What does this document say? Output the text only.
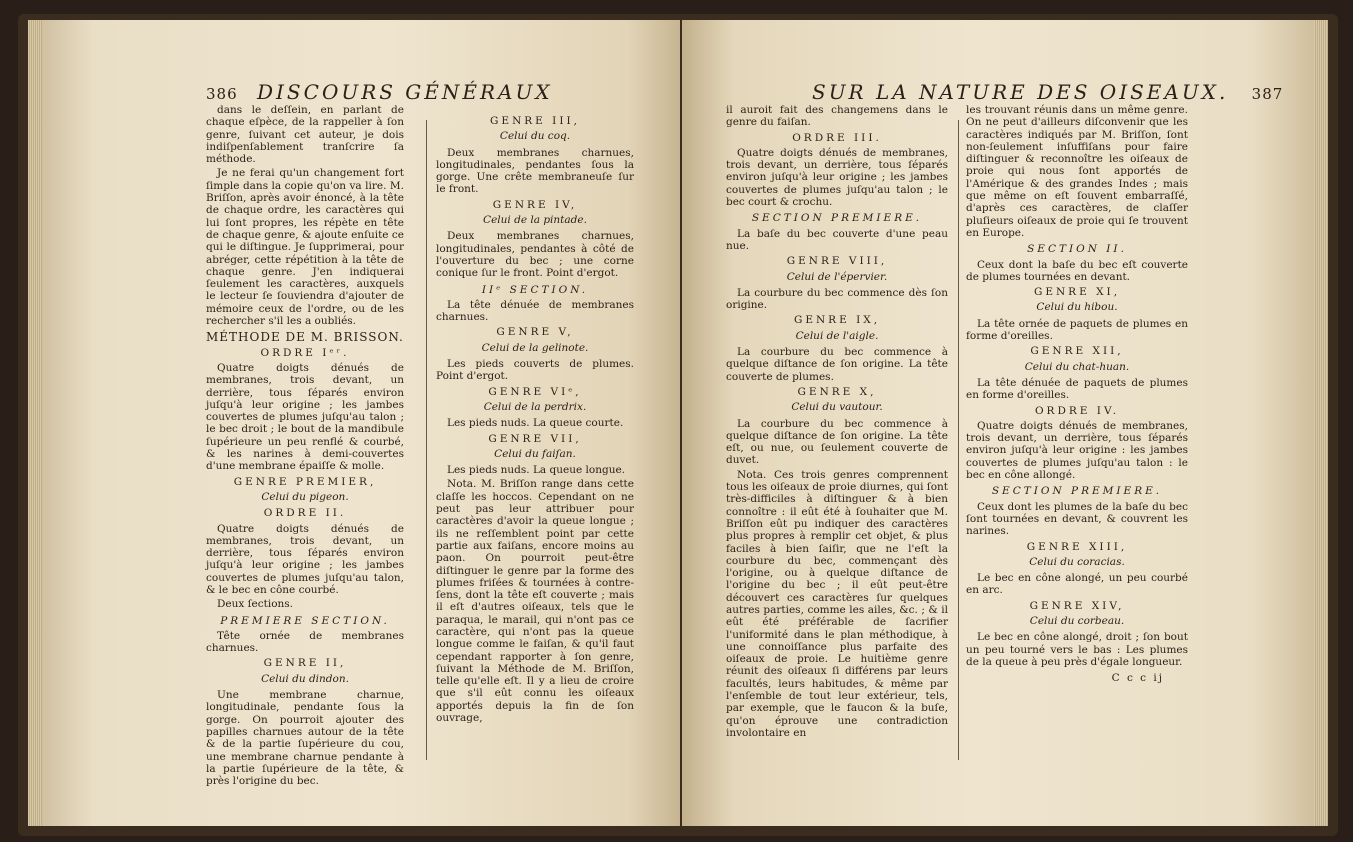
386 DISCOURS GÉNÉRAUX

dans le deſſein, en parlant de chaque eſpèce, de la rappeller à ſon genre, ſuivant cet auteur, je dois indiſpenſablement tranſcrire ſa méthode.

Je ne ferai qu'un changement fort ſimple dans la copie qu'on va lire. M. Briſſon, après avoir énoncé, à la tête de chaque ordre, les caractères qui lui ſont propres, les répète en tête de chaque genre, & ajoute enſuite ce qui le diſtingue. Je ſupprimerai, pour abréger, cette répétition à la tête de chaque genre. J'en indiquerai ſeulement les caractères, auxquels le lecteur ſe ſouviendra d'ajouter de mémoire ceux de l'ordre, ou de les rechercher s'il les a oubliés.

MÉTHODE DE M. BRISSON.

ORDRE Iᵉʳ.

Quatre doigts dénués de membranes, trois devant, un derrière, tous ſéparés environ juſqu'à leur origine ; les jambes couvertes de plumes juſqu'au talon ; le bec droit ; le bout de la mandibule ſupérieure un peu renflé & courbé, & les narines à demi-couvertes d'une membrane épaiſſe & molle.

GENRE PREMIER,

Celui du pigeon.

ORDRE II.

Quatre doigts dénués de membranes, trois devant, un derrière, tous ſéparés environ juſqu'à leur origine ; les jambes couvertes de plumes juſqu'au talon, & le bec en cône courbé.

Deux ſections.

PREMIERE SECTION.

Tête ornée de membranes charnues.

GENRE II,

Celui du dindon.

Une membrane charnue, longitudinale, pendante ſous la gorge. On pourroit ajouter des papilles charnues autour de la tête & de la partie ſupérieure du cou, une membrane charnue pendante à la partie ſupérieure de la tête, & près l'origine du bec.

GENRE III,

Celui du coq.

Deux membranes charnues, longitudinales, pendantes ſous la gorge. Une crête membraneuſe ſur le front.

GENRE IV,

Celui de la pintade.

Deux membranes charnues, longitudinales, pendantes à côté de l'ouverture du bec ; une corne conique ſur le front. Point d'ergot.

IIᵉ SECTION.

La tête dénuée de membranes charnues.

GENRE V,

Celui de la gelinote.

Les pieds couverts de plumes. Point d'ergot.

GENRE VIᵉ,

Celui de la perdrix.

Les pieds nuds. La queue courte.

GENRE VII,

Celui du faiſan.

Les pieds nuds. La queue longue.

Nota. M. Briſſon range dans cette claſſe les hoccos. Cependant on ne peut pas leur attribuer pour caractères d'avoir la queue longue ; ils ne reſſemblent point par cette partie aux faiſans, encore moins au paon. On pourroit peut-être diſtinguer le genre par la forme des plumes friſées & tournées à contre-ſens, dont la tête eſt couverte ; mais il eſt d'autres oiſeaux, tels que le paraqua, le marail, qui n'ont pas ce caractère, qui n'ont pas la queue longue comme le faiſan, & qu'il faut cependant rapporter à ſon genre, ſuivant la Méthode de M. Briſſon, telle qu'elle eſt. Il y a lieu de croire que s'il eût connu les oiſeaux apportés depuis la fin de ſon ouvrage,

SUR LA NATURE DES OISEAUX. 387

il auroit fait des changemens dans le genre du faiſan.

ORDRE III.

Quatre doigts dénués de membranes, trois devant, un derrière, tous ſéparés environ juſqu'à leur origine ; les jambes couvertes de plumes juſqu'au talon ; le bec court & crochu.

SECTION PREMIERE.

La baſe du bec couverte d'une peau nue.

GENRE VIII,

Celui de l'épervier.

La courbure du bec commence dès ſon origine.

GENRE IX,

Celui de l'aigle.

La courbure du bec commence à quelque diſtance de ſon origine. La tête couverte de plumes.

GENRE X,

Celui du vautour.

La courbure du bec commence à quelque diſtance de ſon origine. La tête eſt, ou nue, ou ſeulement couverte de duvet.

Nota. Ces trois genres comprennent tous les oiſeaux de proie diurnes, qui ſont très-difficiles à diſtinguer & à bien connoître : il eût été à ſouhaiter que M. Briſſon eût pu indiquer des caractères plus propres à remplir cet objet, & plus faciles à bien ſaiſir, que ne l'eſt la courbure du bec, commençant dès l'origine, ou à quelque diſtance de l'origine du bec ; il eût peut-être découvert ces caractères ſur quelques autres parties, comme les ailes, &c. ; & il eût été préférable de ſacrifier l'uniformité dans le plan méthodique, à une connoiſſance plus parfaite des oiſeaux de proie. Le huitième genre réunit des oiſeaux ſi différens par leurs facultés, leurs habitudes, & même par l'enſemble de tout leur extérieur, tels, par exemple, que le faucon & la buſe, qu'on éprouve une contradiction involontaire en

les trouvant réunis dans un même genre. On ne peut d'ailleurs diſconvenir que les caractères indiqués par M. Briſſon, ſont non-ſeulement inſuffiſans pour faire diſtinguer & reconnoître les oiſeaux de proie qui nous ſont apportés de l'Amérique & des grandes Indes ; mais que même on eſt ſouvent embarraſſé, d'après ces caractères, de claſſer pluſieurs oiſeaux de proie qui ſe trouvent en Europe.

SECTION II.

Ceux dont la baſe du bec eſt couverte de plumes tournées en devant.

GENRE XI,

Celui du hibou.

La tête ornée de paquets de plumes en forme d'oreilles.

GENRE XII,

Celui du chat-huan.

La tête dénuée de paquets de plumes en forme d'oreilles.

ORDRE IV.

Quatre doigts dénués de membranes, trois devant, un derrière, tous ſéparés environ juſqu'à leur origine : les jambes couvertes de plumes juſqu'au talon : le bec en cône allongé.

SECTION PREMIERE.

Ceux dont les plumes de la baſe du bec ſont tournées en devant, & couvrent les narines.

GENRE XIII,

Celui du coracias.

Le bec en cône alongé, un peu courbé en arc.

GENRE XIV,

Celui du corbeau.

Le bec en cône alongé, droit ; ſon bout un peu tourné vers le bas : Les plumes de la queue à peu près d'égale longueur.

C c c ij
